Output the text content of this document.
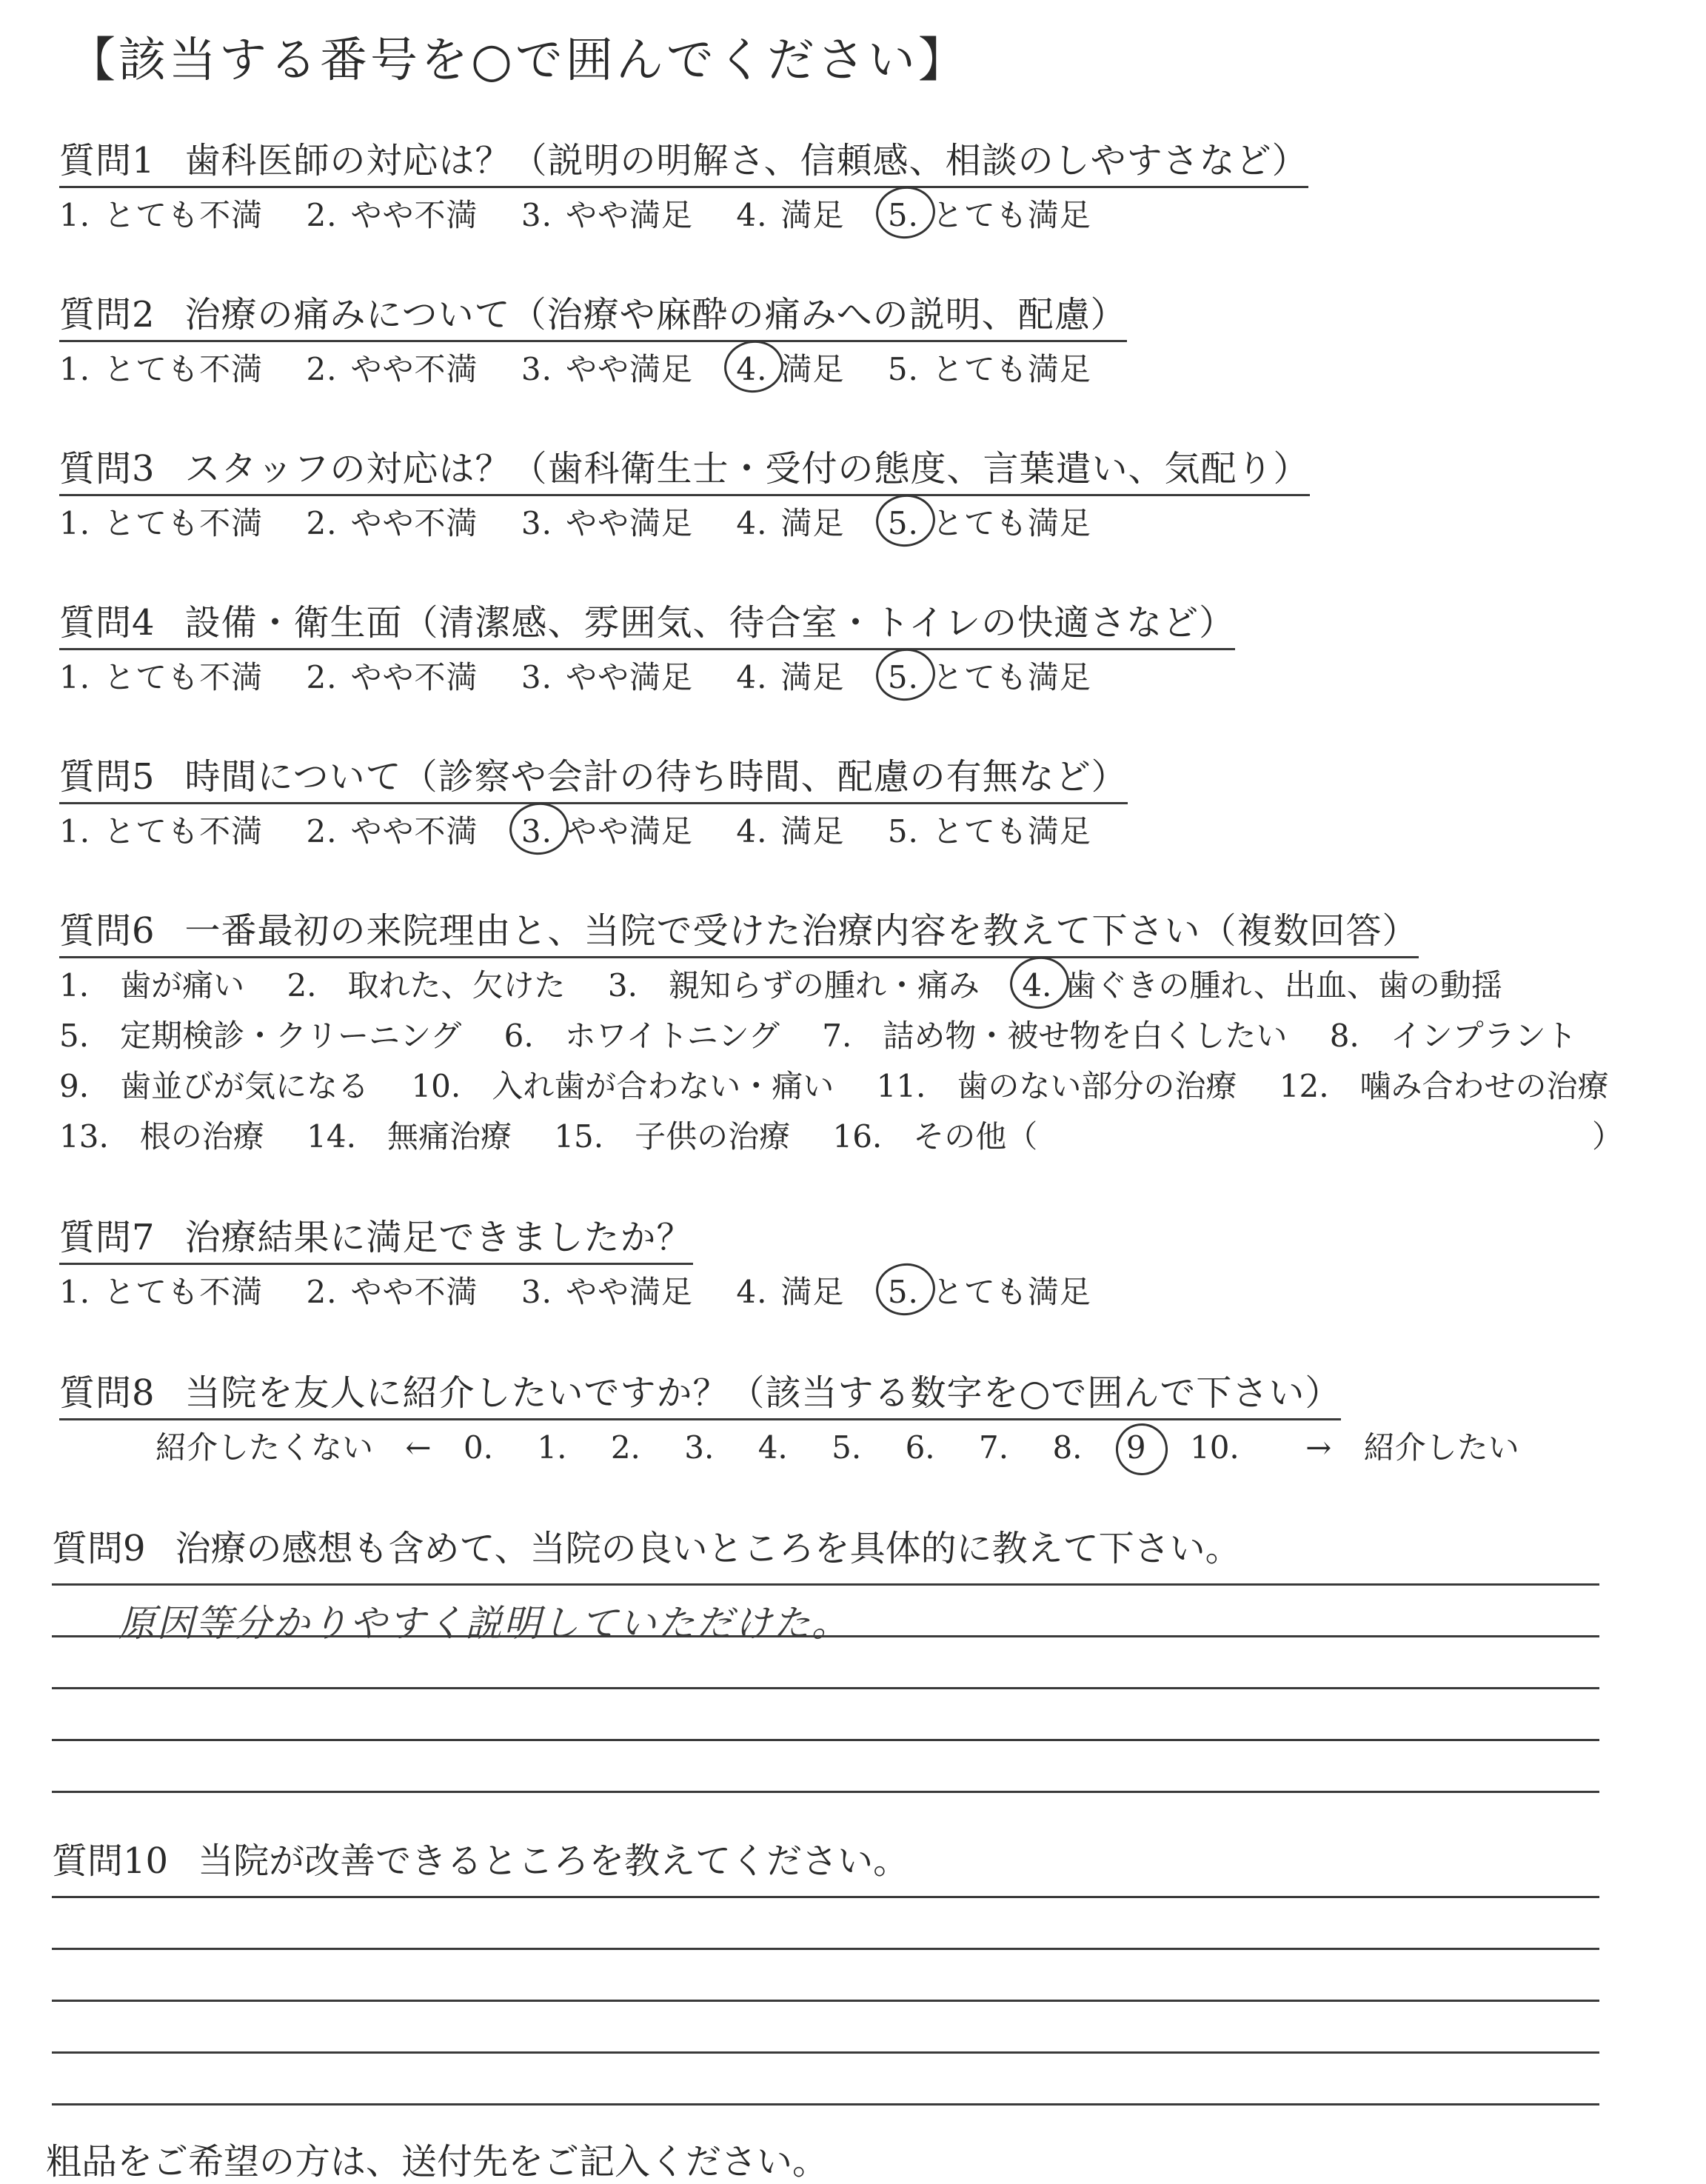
【該当する番号を○で囲んでください】
質問1 歯科医師の対応は？（説明の明解さ、信頼感、相談のしやすさなど）
1. とても不満 2. やや不満 3. やや満足 4. 満足 5. とても満足
質問2 治療の痛みについて（治療や麻酔の痛みへの説明、配慮）
1. とても不満 2. やや不満 3. やや満足 4. 満足 5. とても満足
質問3 スタッフの対応は？（歯科衛生士・受付の態度、言葉遣い、気配り）
1. とても不満 2. やや不満 3. やや満足 4. 満足 5. とても満足
質問4 設備・衛生面（清潔感、雰囲気、待合室・トイレの快適さなど）
1. とても不満 2. やや不満 3. やや満足 4. 満足 5. とても満足
質問5 時間について（診察や会計の待ち時間、配慮の有無など）
1. とても不満 2. やや不満 3. やや満足 4. 満足 5. とても満足
質問6 一番最初の来院理由と、当院で受けた治療内容を教えて下さい（複数回答）
1.　歯が痛い 2.　取れた、欠けた 3.　親知らずの腫れ・痛み 4. 歯ぐきの腫れ、出血、歯の動揺
5.　定期検診・クリーニング 6.　ホワイトニング 7.　詰め物・被せ物を白くしたい 8.　インプラント
9.　歯並びが気になる 10.　入れ歯が合わない・痛い 11.　歯のない部分の治療 12.　噛み合わせの治療
13.　根の治療 14.　無痛治療 15.　子供の治療 16.　その他（	）
質問7 治療結果に満足できましたか？
1. とても不満 2. やや不満 3. やや満足 4. 満足 5. とても満足
質問8 当院を友人に紹介したいですか？（該当する数字を○で囲んで下さい）
紹介したくない ← 0. 1. 2. 3. 4. 5. 6. 7. 8. 9 10. → 紹介したい
質問9 治療の感想も含めて、当院の良いところを具体的に教えて下さい。
原因等分かりやすく説明していただけた。
質問10 当院が改善できるところを教えてください。
粗品をご希望の方は、送付先をご記入ください。
